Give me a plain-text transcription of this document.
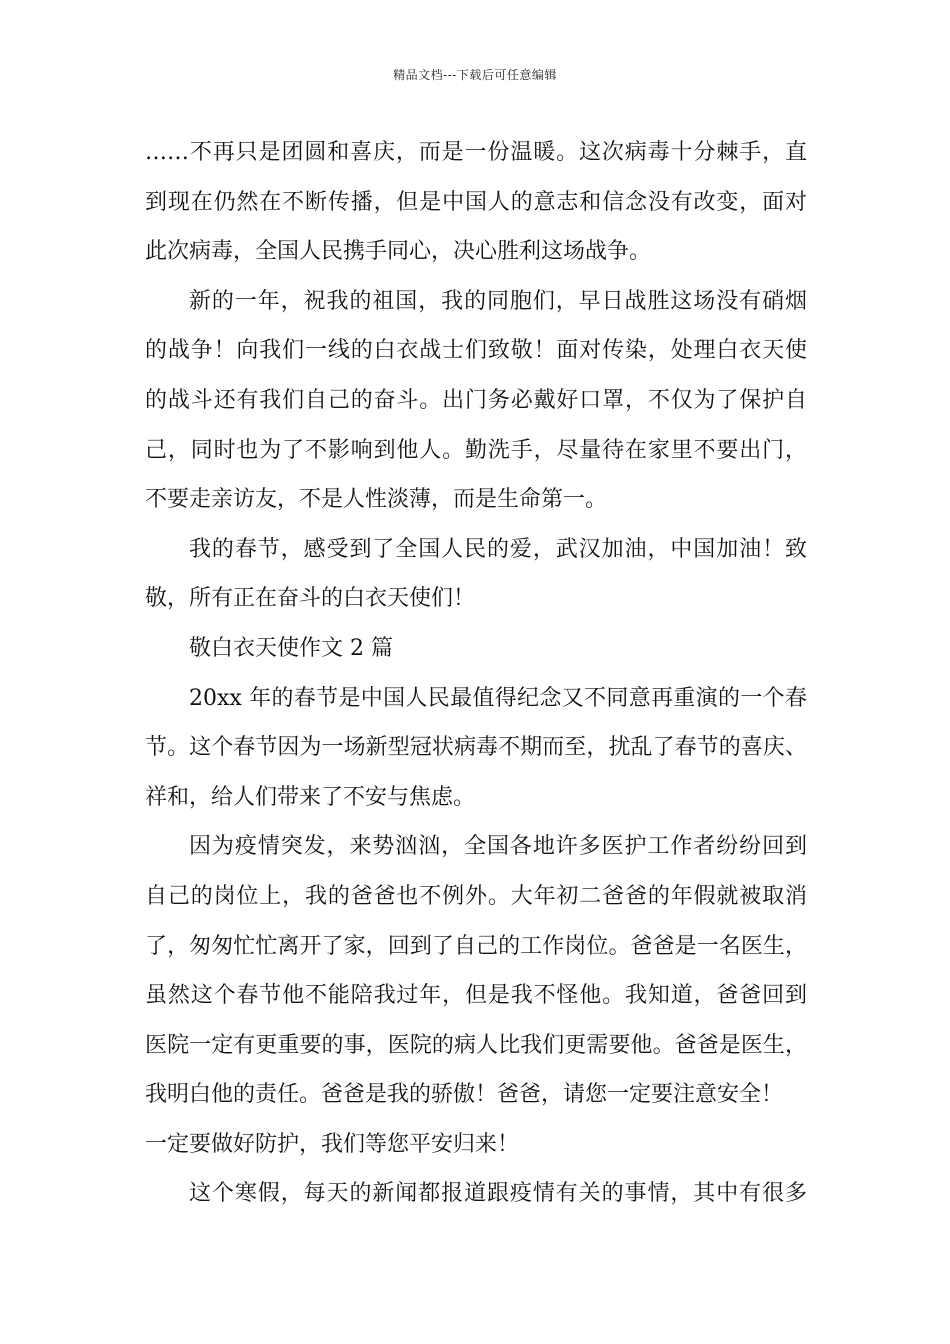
精品文档---下载后可任意编辑
……不再只是团圆和喜庆，而是一份温暖。这次病毒十分棘手，直
到现在仍然在不断传播，但是中国人的意志和信念没有改变，面对
此次病毒，全国人民携手同心，决心胜利这场战争。
新的一年，祝我的祖国，我的同胞们，早日战胜这场没有硝烟
的战争！向我们一线的白衣战士们致敬！面对传染，处理白衣天使
的战斗还有我们自己的奋斗。出门务必戴好口罩，不仅为了保护自
己，同时也为了不影响到他人。勤洗手，尽量待在家里不要出门，
不要走亲访友，不是人性淡薄，而是生命第一。
我的春节，感受到了全国人民的爱，武汉加油，中国加油！致
敬，所有正在奋斗的白衣天使们！
敬白衣天使作文 2 篇
20xx 年的春节是中国人民最值得纪念又不同意再重演的一个春
节。这个春节因为一场新型冠状病毒不期而至，扰乱了春节的喜庆、
祥和，给人们带来了不安与焦虑。
因为疫情突发，来势汹汹，全国各地许多医护工作者纷纷回到
自己的岗位上，我的爸爸也不例外。大年初二爸爸的年假就被取消
了，匆匆忙忙离开了家，回到了自己的工作岗位。爸爸是一名医生，
虽然这个春节他不能陪我过年，但是我不怪他。我知道，爸爸回到
医院一定有更重要的事，医院的病人比我们更需要他。爸爸是医生，
我明白他的责任。爸爸是我的骄傲！爸爸，请您一定要注意安全！
一定要做好防护，我们等您平安归来！
这个寒假，每天的新闻都报道跟疫情有关的事情，其中有很多
